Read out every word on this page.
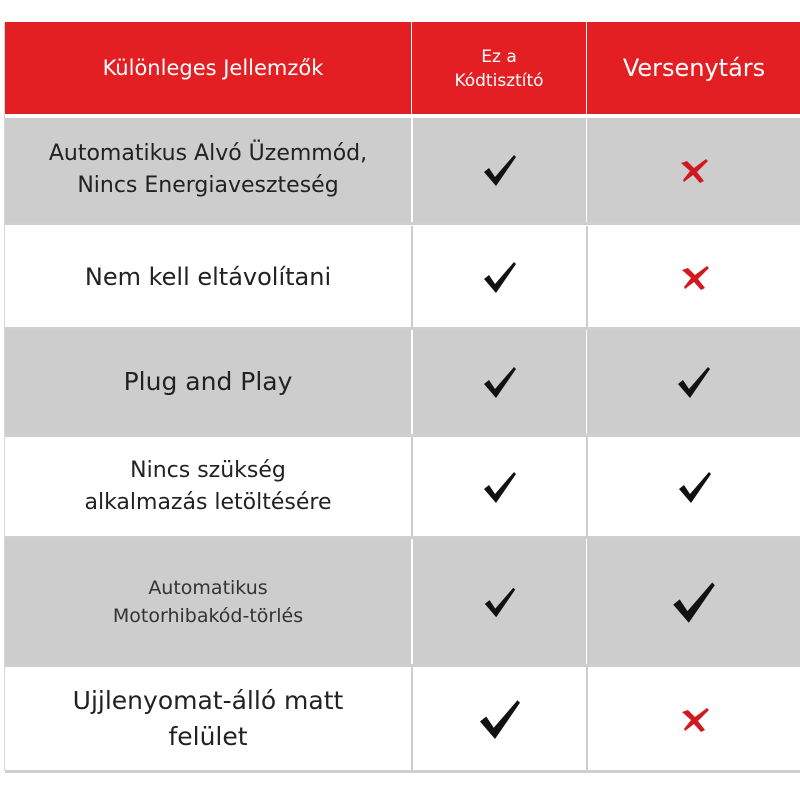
Különleges Jellemzők	Ez a
Kódtisztító	Versenytárs
Automatikus Alvó Üzemmód,
Nincs Energiaveszteség
Nem kell eltávolítani
Plug and Play
Nincs szükség
alkalmazás letöltésére
Automatikus
Motorhibakód-törlés
Ujjlenyomat-álló matt
felület
